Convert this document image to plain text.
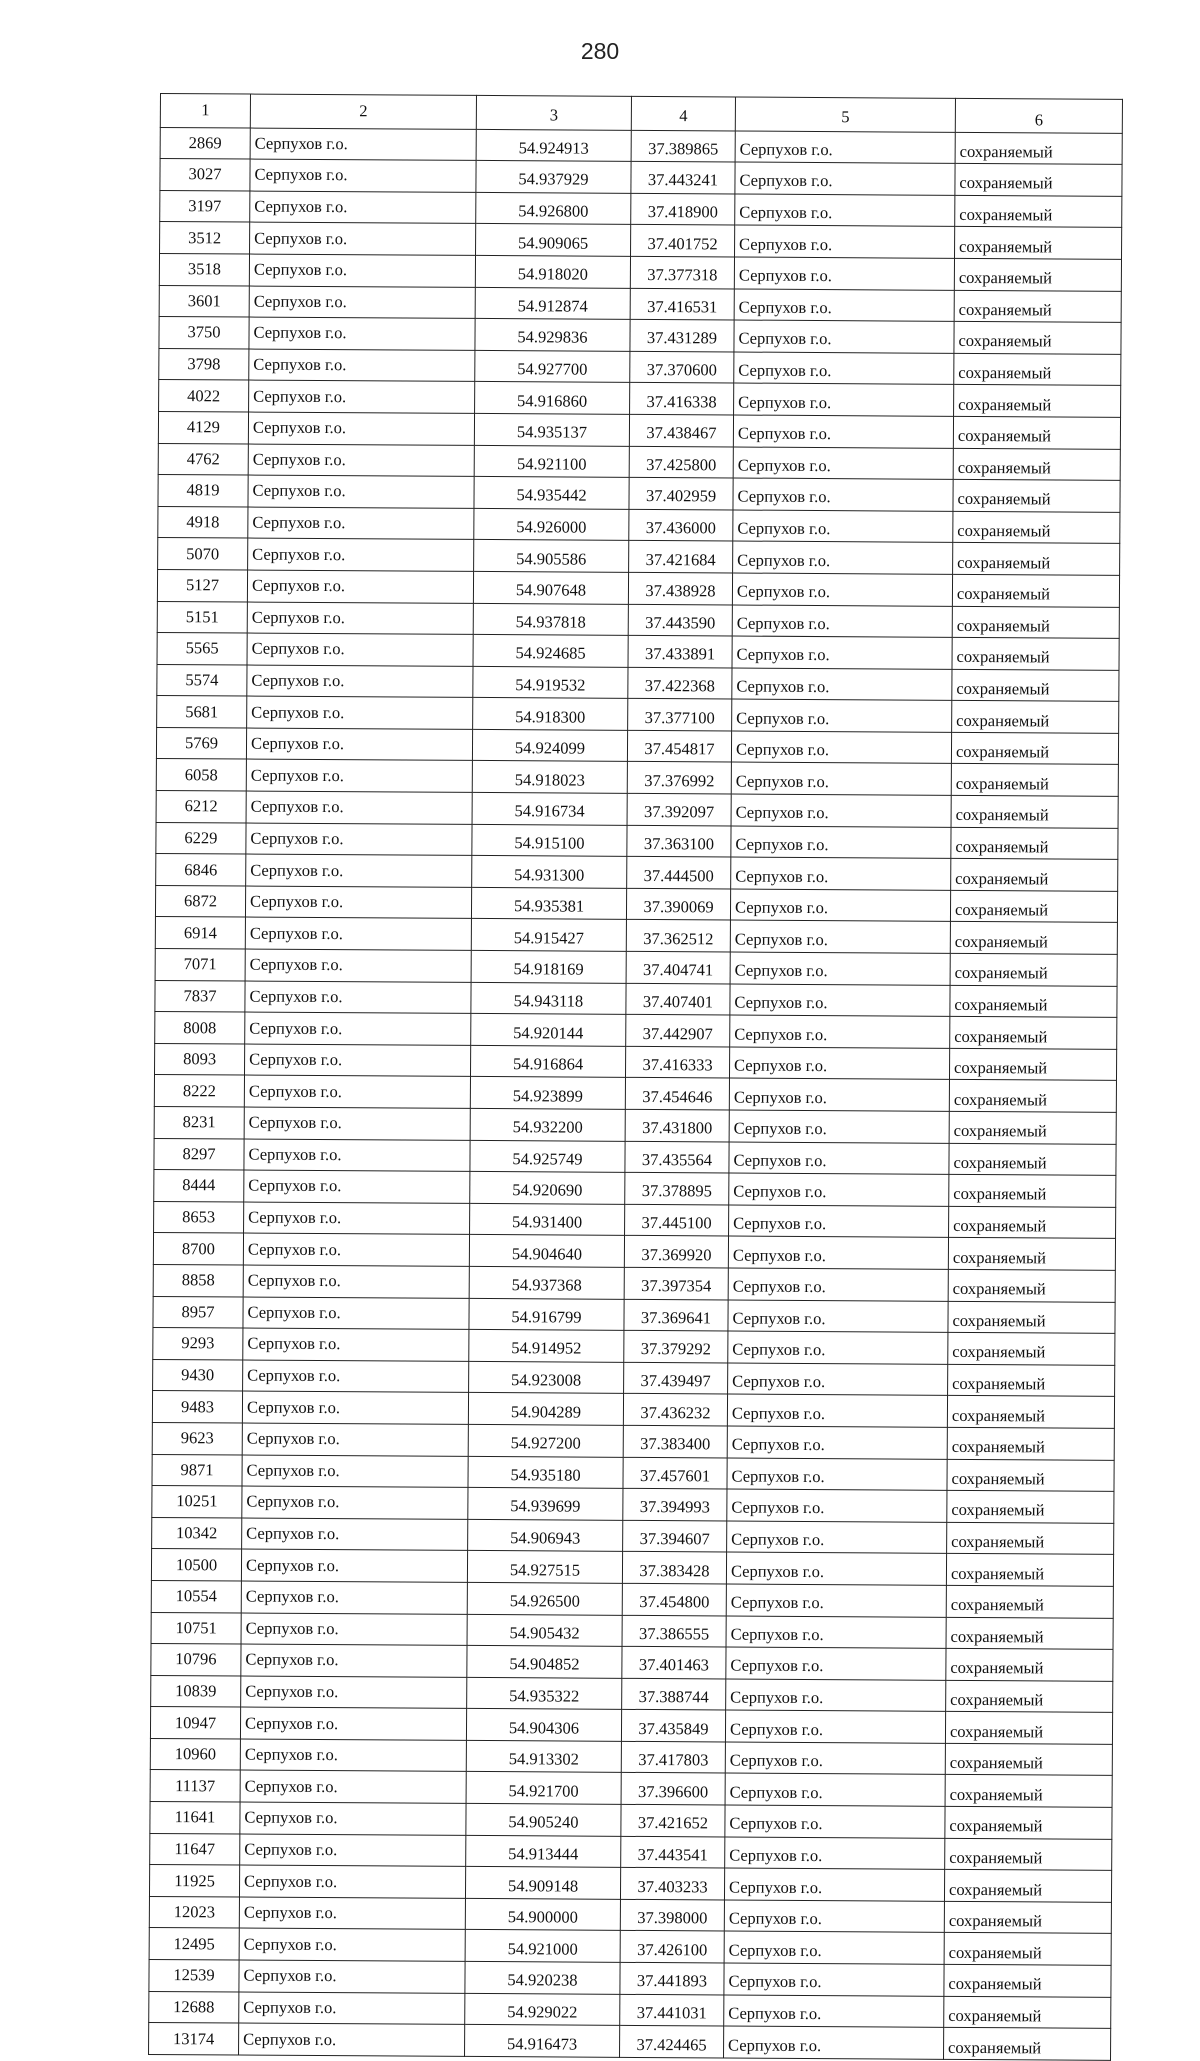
280
1	2	3	4	5	6
2869	Серпухов г.о.	54.924913	37.389865	Серпухов г.о.	сохраняемый
3027	Серпухов г.о.	54.937929	37.443241	Серпухов г.о.	сохраняемый
3197	Серпухов г.о.	54.926800	37.418900	Серпухов г.о.	сохраняемый
3512	Серпухов г.о.	54.909065	37.401752	Серпухов г.о.	сохраняемый
3518	Серпухов г.о.	54.918020	37.377318	Серпухов г.о.	сохраняемый
3601	Серпухов г.о.	54.912874	37.416531	Серпухов г.о.	сохраняемый
3750	Серпухов г.о.	54.929836	37.431289	Серпухов г.о.	сохраняемый
3798	Серпухов г.о.	54.927700	37.370600	Серпухов г.о.	сохраняемый
4022	Серпухов г.о.	54.916860	37.416338	Серпухов г.о.	сохраняемый
4129	Серпухов г.о.	54.935137	37.438467	Серпухов г.о.	сохраняемый
4762	Серпухов г.о.	54.921100	37.425800	Серпухов г.о.	сохраняемый
4819	Серпухов г.о.	54.935442	37.402959	Серпухов г.о.	сохраняемый
4918	Серпухов г.о.	54.926000	37.436000	Серпухов г.о.	сохраняемый
5070	Серпухов г.о.	54.905586	37.421684	Серпухов г.о.	сохраняемый
5127	Серпухов г.о.	54.907648	37.438928	Серпухов г.о.	сохраняемый
5151	Серпухов г.о.	54.937818	37.443590	Серпухов г.о.	сохраняемый
5565	Серпухов г.о.	54.924685	37.433891	Серпухов г.о.	сохраняемый
5574	Серпухов г.о.	54.919532	37.422368	Серпухов г.о.	сохраняемый
5681	Серпухов г.о.	54.918300	37.377100	Серпухов г.о.	сохраняемый
5769	Серпухов г.о.	54.924099	37.454817	Серпухов г.о.	сохраняемый
6058	Серпухов г.о.	54.918023	37.376992	Серпухов г.о.	сохраняемый
6212	Серпухов г.о.	54.916734	37.392097	Серпухов г.о.	сохраняемый
6229	Серпухов г.о.	54.915100	37.363100	Серпухов г.о.	сохраняемый
6846	Серпухов г.о.	54.931300	37.444500	Серпухов г.о.	сохраняемый
6872	Серпухов г.о.	54.935381	37.390069	Серпухов г.о.	сохраняемый
6914	Серпухов г.о.	54.915427	37.362512	Серпухов г.о.	сохраняемый
7071	Серпухов г.о.	54.918169	37.404741	Серпухов г.о.	сохраняемый
7837	Серпухов г.о.	54.943118	37.407401	Серпухов г.о.	сохраняемый
8008	Серпухов г.о.	54.920144	37.442907	Серпухов г.о.	сохраняемый
8093	Серпухов г.о.	54.916864	37.416333	Серпухов г.о.	сохраняемый
8222	Серпухов г.о.	54.923899	37.454646	Серпухов г.о.	сохраняемый
8231	Серпухов г.о.	54.932200	37.431800	Серпухов г.о.	сохраняемый
8297	Серпухов г.о.	54.925749	37.435564	Серпухов г.о.	сохраняемый
8444	Серпухов г.о.	54.920690	37.378895	Серпухов г.о.	сохраняемый
8653	Серпухов г.о.	54.931400	37.445100	Серпухов г.о.	сохраняемый
8700	Серпухов г.о.	54.904640	37.369920	Серпухов г.о.	сохраняемый
8858	Серпухов г.о.	54.937368	37.397354	Серпухов г.о.	сохраняемый
8957	Серпухов г.о.	54.916799	37.369641	Серпухов г.о.	сохраняемый
9293	Серпухов г.о.	54.914952	37.379292	Серпухов г.о.	сохраняемый
9430	Серпухов г.о.	54.923008	37.439497	Серпухов г.о.	сохраняемый
9483	Серпухов г.о.	54.904289	37.436232	Серпухов г.о.	сохраняемый
9623	Серпухов г.о.	54.927200	37.383400	Серпухов г.о.	сохраняемый
9871	Серпухов г.о.	54.935180	37.457601	Серпухов г.о.	сохраняемый
10251	Серпухов г.о.	54.939699	37.394993	Серпухов г.о.	сохраняемый
10342	Серпухов г.о.	54.906943	37.394607	Серпухов г.о.	сохраняемый
10500	Серпухов г.о.	54.927515	37.383428	Серпухов г.о.	сохраняемый
10554	Серпухов г.о.	54.926500	37.454800	Серпухов г.о.	сохраняемый
10751	Серпухов г.о.	54.905432	37.386555	Серпухов г.о.	сохраняемый
10796	Серпухов г.о.	54.904852	37.401463	Серпухов г.о.	сохраняемый
10839	Серпухов г.о.	54.935322	37.388744	Серпухов г.о.	сохраняемый
10947	Серпухов г.о.	54.904306	37.435849	Серпухов г.о.	сохраняемый
10960	Серпухов г.о.	54.913302	37.417803	Серпухов г.о.	сохраняемый
11137	Серпухов г.о.	54.921700	37.396600	Серпухов г.о.	сохраняемый
11641	Серпухов г.о.	54.905240	37.421652	Серпухов г.о.	сохраняемый
11647	Серпухов г.о.	54.913444	37.443541	Серпухов г.о.	сохраняемый
11925	Серпухов г.о.	54.909148	37.403233	Серпухов г.о.	сохраняемый
12023	Серпухов г.о.	54.900000	37.398000	Серпухов г.о.	сохраняемый
12495	Серпухов г.о.	54.921000	37.426100	Серпухов г.о.	сохраняемый
12539	Серпухов г.о.	54.920238	37.441893	Серпухов г.о.	сохраняемый
12688	Серпухов г.о.	54.929022	37.441031	Серпухов г.о.	сохраняемый
13174	Серпухов г.о.	54.916473	37.424465	Серпухов г.о.	сохраняемый
